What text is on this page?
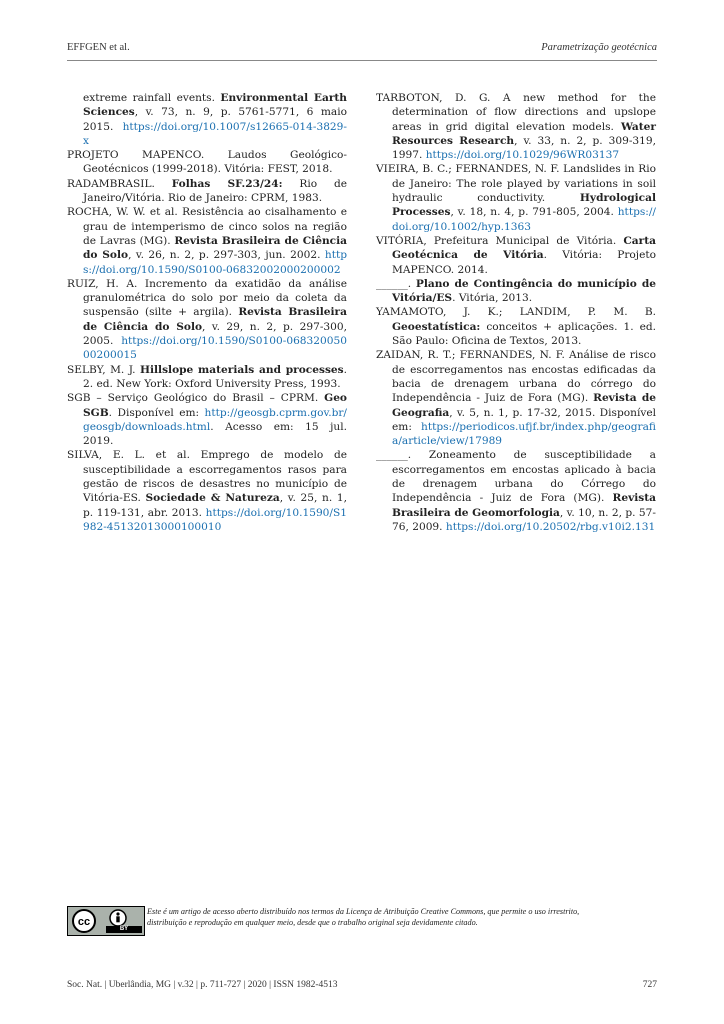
EFFGEN et al.	Parametrização geotécnica

extreme rainfall events. Environmental Earth Sciences, v. 73, n. 9, p. 5761-5771, 6 maio 2015. https://doi.org/10.1007/s12665-014-3829-x

PROJETO MAPENCO. Laudos Geológico-Geotécnicos (1999-2018). Vitória: FEST, 2018.

RADAMBRASIL. Folhas SF.23/24: Rio de Janeiro/Vitória. Rio de Janeiro: CPRM, 1983.

ROCHA, W. W. et al. Resistência ao cisalhamento e grau de intemperismo de cinco solos na região de Lavras (MG). Revista Brasileira de Ciência do Solo, v. 26, n. 2, p. 297-303, jun. 2002. https://doi.org/10.1590/S0100-06832002000200002

RUIZ, H. A. Incremento da exatidão da análise granulométrica do solo por meio da coleta da suspensão (silte + argila). Revista Brasileira de Ciência do Solo, v. 29, n. 2, p. 297-300, 2005. https://doi.org/10.1590/S0100-06832005000200015

SELBY, M. J. Hillslope materials and processes. 2. ed. New York: Oxford University Press, 1993.

SGB – Serviço Geológico do Brasil – CPRM. Geo SGB. Disponível em: http://geosgb.cprm.gov.br/geosgb/downloads.html. Acesso em: 15 jul. 2019.

SILVA, E. L. et al. Emprego de modelo de susceptibilidade a escorregamentos rasos para gestão de riscos de desastres no município de Vitória-ES. Sociedade & Natureza, v. 25, n. 1, p. 119-131, abr. 2013. https://doi.org/10.1590/S1982-45132013000100010

TARBOTON, D. G. A new method for the determination of flow directions and upslope areas in grid digital elevation models. Water Resources Research, v. 33, n. 2, p. 309-319, 1997. https://doi.org/10.1029/96WR03137

VIEIRA, B. C.; FERNANDES, N. F. Landslides in Rio de Janeiro: The role played by variations in soil hydraulic conductivity. Hydrological Processes, v. 18, n. 4, p. 791-805, 2004. https://doi.org/10.1002/hyp.1363

VITÓRIA, Prefeitura Municipal de Vitória. Carta Geotécnica de Vitória. Vitória: Projeto MAPENCO. 2014.

______. Plano de Contingência do município de Vitória/ES. Vitória, 2013.

YAMAMOTO, J. K.; LANDIM, P. M. B. Geoestatística: conceitos + aplicações. 1. ed. São Paulo: Oficina de Textos, 2013.

ZAIDAN, R. T.; FERNANDES, N. F. Análise de risco de escorregamentos nas encostas edificadas da bacia de drenagem urbana do córrego do Independência - Juiz de Fora (MG). Revista de Geografia, v. 5, n. 1, p. 17-32, 2015. Disponível em: https://periodicos.ufjf.br/index.php/geografia/article/view/17989

______. Zoneamento de susceptibilidade a escorregamentos em encostas aplicado à bacia de drenagem urbana do Córrego do Independência - Juiz de Fora (MG). Revista Brasileira de Geomorfologia, v. 10, n. 2, p. 57-76, 2009. https://doi.org/10.20502/rbg.v10i2.131

cc
BY
Este é um artigo de acesso aberto distribuído nos termos da Licença de Atribuição Creative Commons, que permite o uso irrestrito, distribuição e reprodução em qualquer meio, desde que o trabalho original seja devidamente citado.
Soc. Nat. | Uberlândia, MG | v.32 | p. 711-727 | 2020 | ISSN 1982-4513	727
